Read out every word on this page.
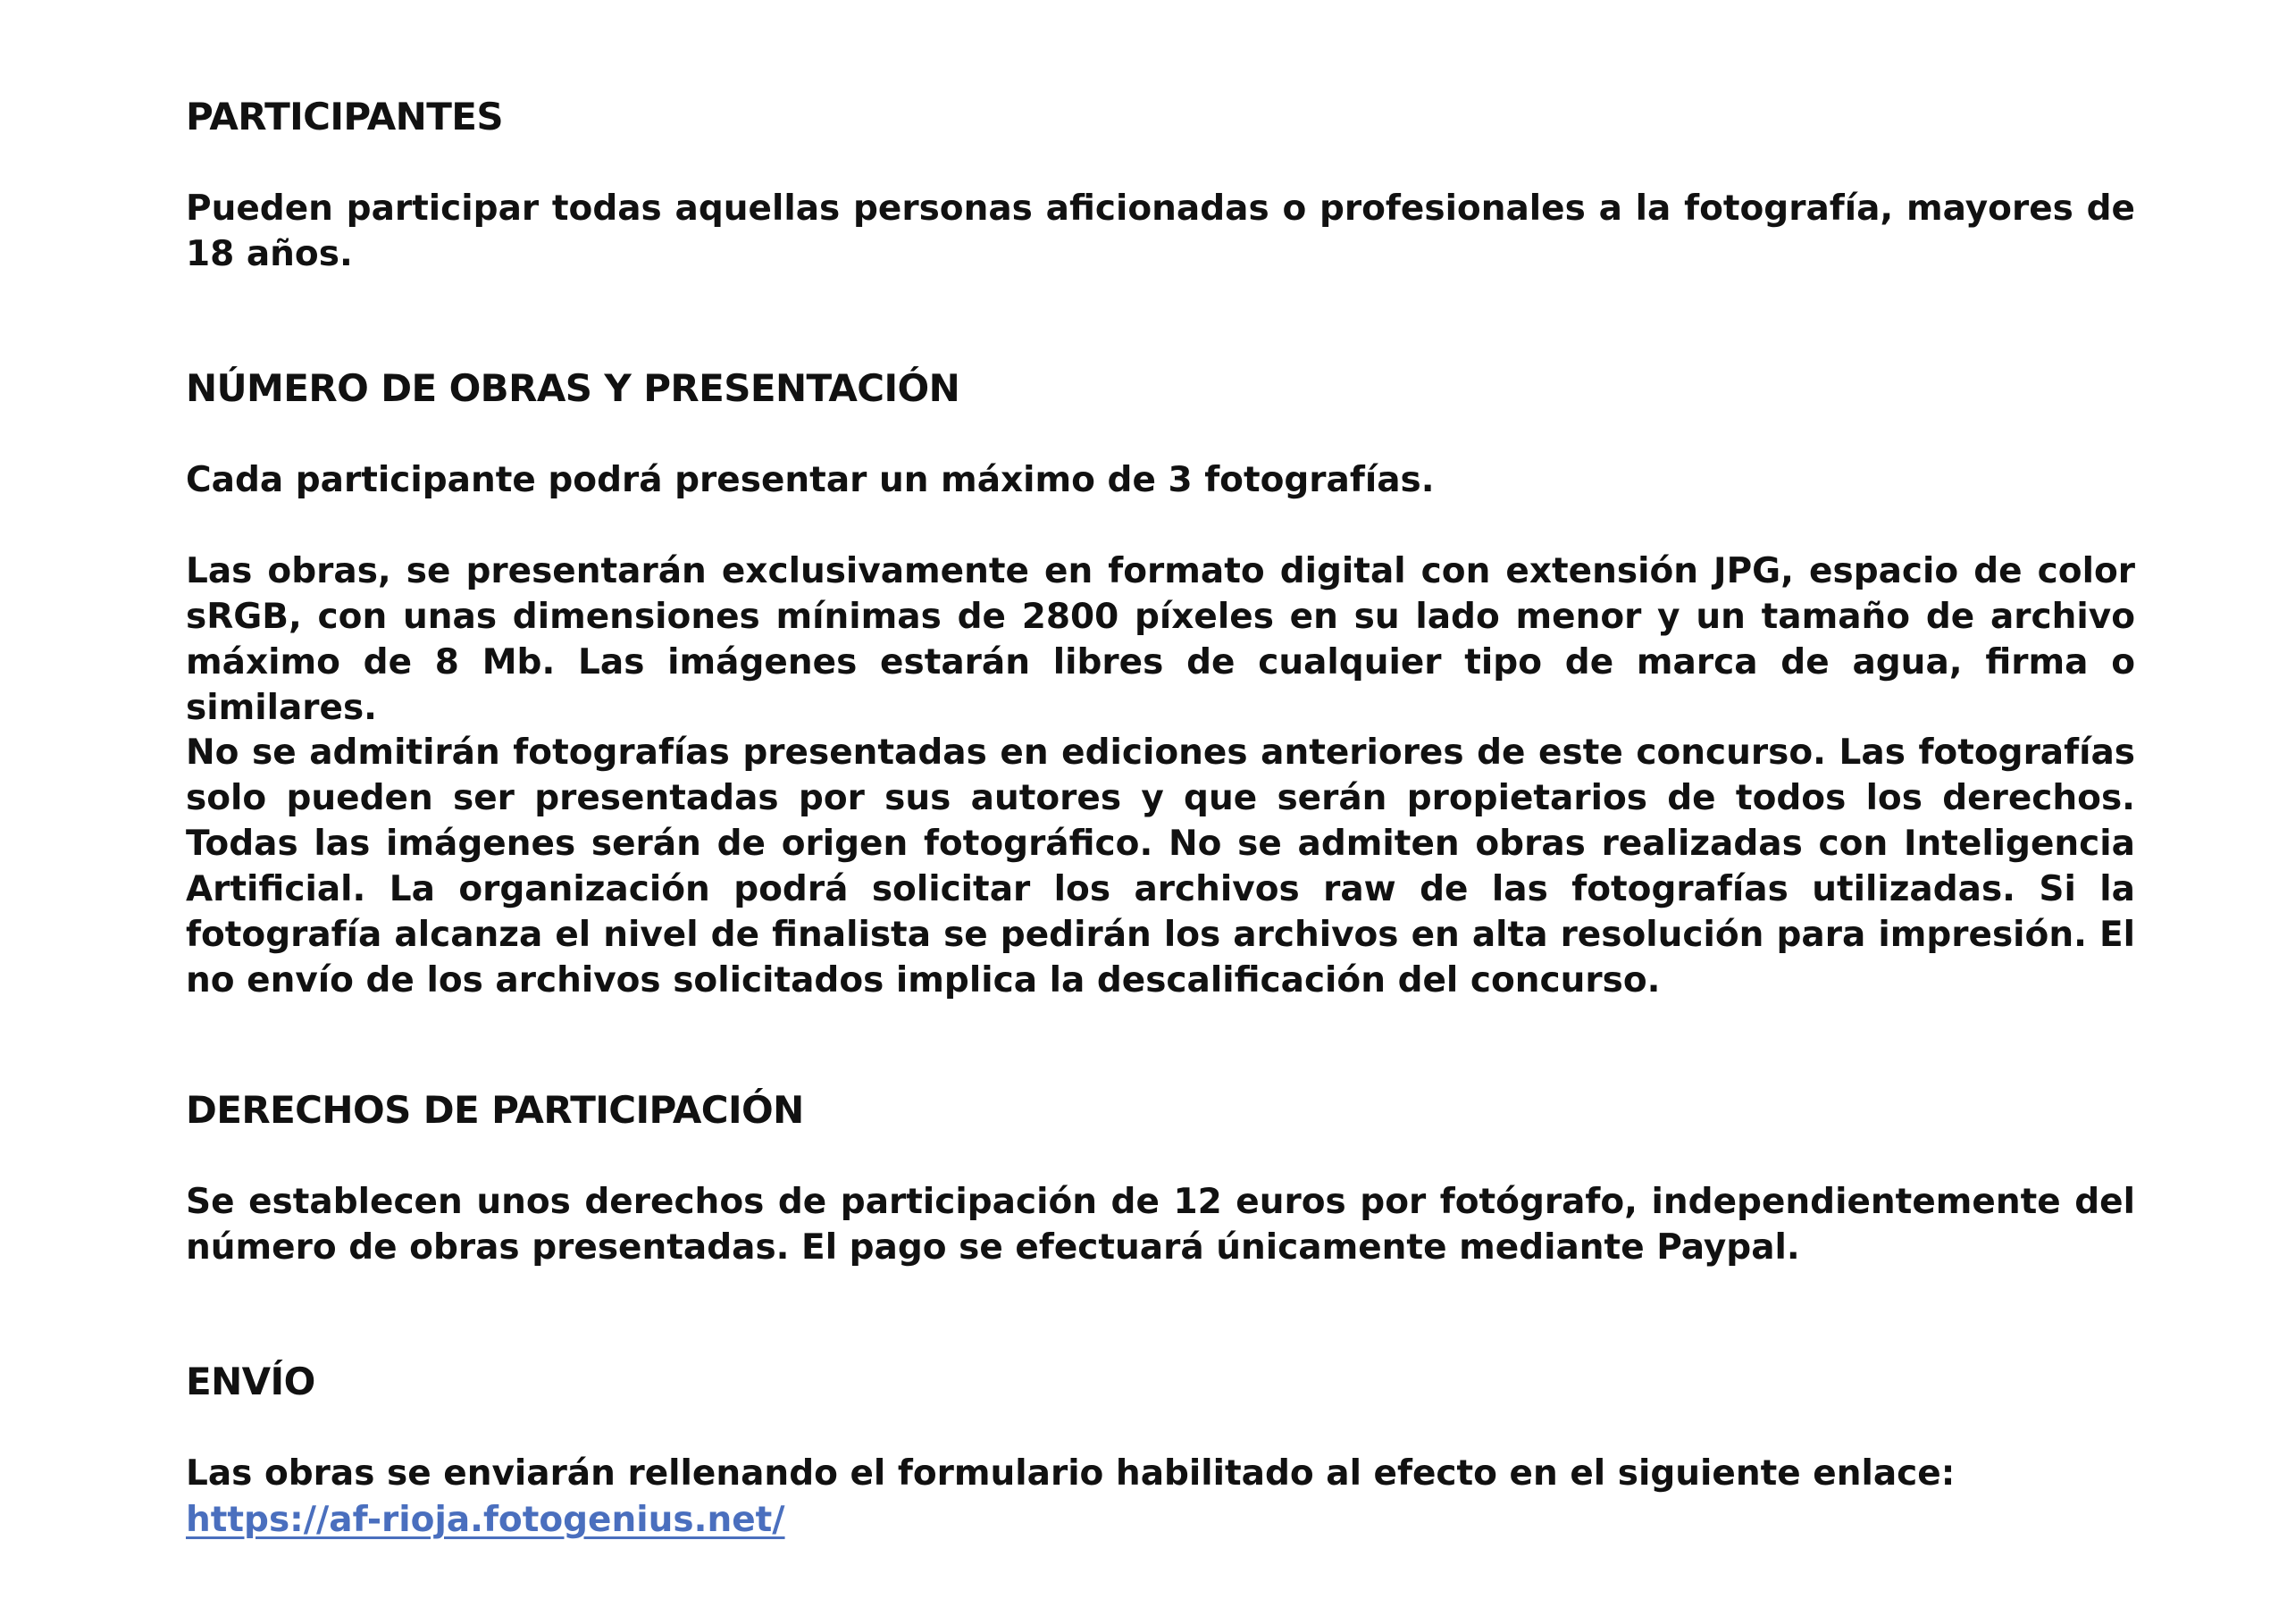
PARTICIPANTES

Pueden participar todas aquellas personas aficionadas o profesionales a la fotografía, mayores de 18 años.

NÚMERO DE OBRAS Y PRESENTACIÓN

Cada participante podrá presentar un máximo de 3 fotografías.

Las obras, se presentarán exclusivamente en formato digital con extensión JPG, espacio de color sRGB, con unas dimensiones mínimas de 2800 píxeles en su lado menor y un tamaño de archivo máximo de 8 Mb. Las imágenes estarán libres de cualquier tipo de marca de agua, firma o similares.

No se admitirán fotografías presentadas en ediciones anteriores de este concurso. Las fotografías solo pueden ser presentadas por sus autores y que serán propietarios de todos los derechos. Todas las imágenes serán de origen fotográfico. No se admiten obras realizadas con Inteligencia Artificial. La organización podrá solicitar los archivos raw de las fotografías utilizadas. Si la fotografía alcanza el nivel de finalista se pedirán los archivos en alta resolución para impresión. El no envío de los archivos solicitados implica la descalificación del concurso.

DERECHOS DE PARTICIPACIÓN

Se establecen unos derechos de participación de 12 euros por fotógrafo, independientemente del número de obras presentadas. El pago se efectuará únicamente mediante Paypal.

ENVÍO

Las obras se enviarán rellenando el formulario habilitado al efecto en el siguiente enlace:

https://af-rioja.fotogenius.net/
